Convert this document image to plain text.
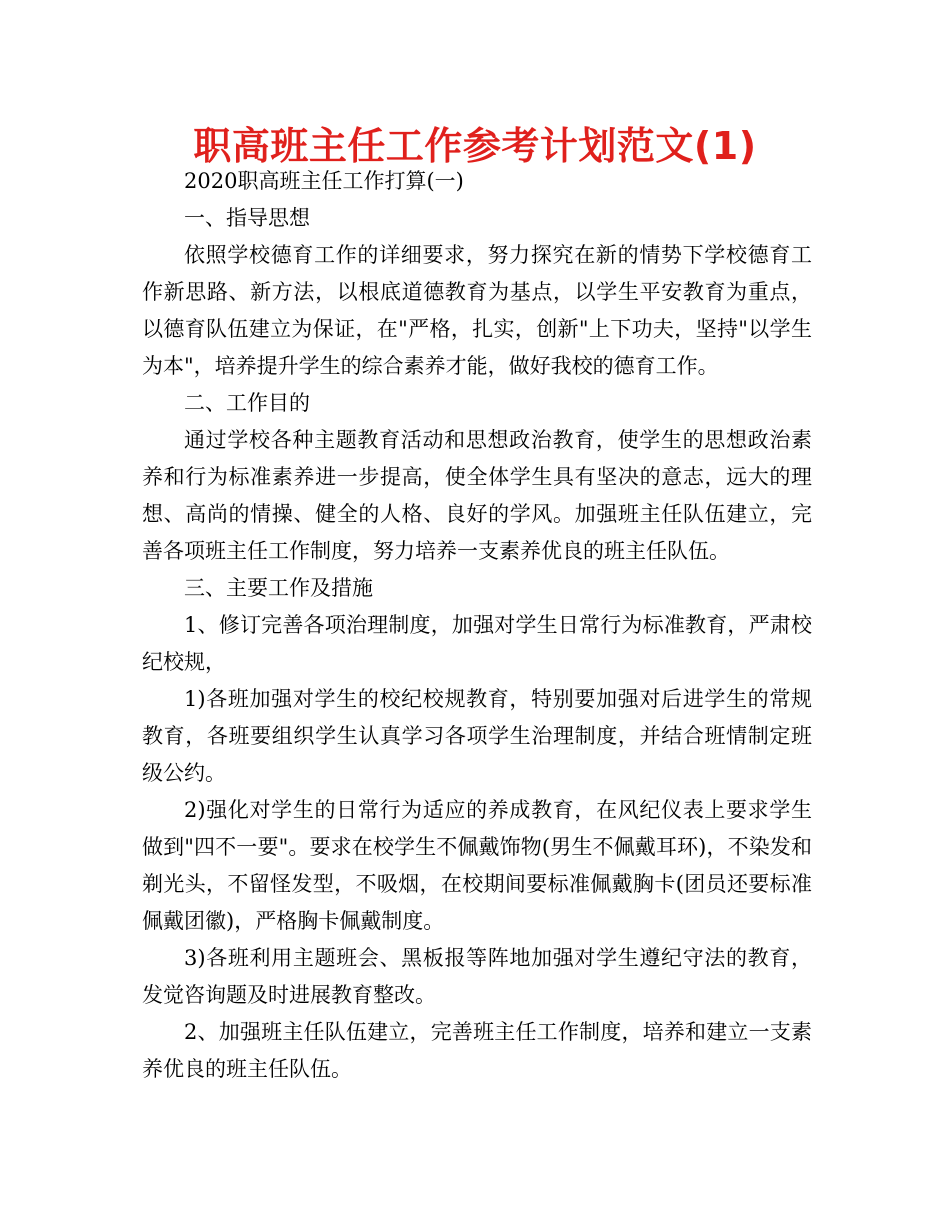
职高班主任工作参考计划范文(1)

2020职高班主任工作打算(一)

一、指导思想

依照学校德育工作的详细要求，努力探究在新的情势下学校德育工作新思路、新方法，以根底道德教育为基点，以学生平安教育为重点，以德育队伍建立为保证，在"严格，扎实，创新"上下功夫，坚持"以学生为本"，培养提升学生的综合素养才能，做好我校的德育工作。

二、工作目的

通过学校各种主题教育活动和思想政治教育，使学生的思想政治素养和行为标准素养进一步提高，使全体学生具有坚决的意志，远大的理想、高尚的情操、健全的人格、良好的学风。加强班主任队伍建立，完善各项班主任工作制度，努力培养一支素养优良的班主任队伍。

三、主要工作及措施

1、修订完善各项治理制度，加强对学生日常行为标准教育，严肃校纪校规，

1)各班加强对学生的校纪校规教育，特别要加强对后进学生的常规教育，各班要组织学生认真学习各项学生治理制度，并结合班情制定班级公约。

2)强化对学生的日常行为适应的养成教育，在风纪仪表上要求学生做到"四不一要"。要求在校学生不佩戴饰物(男生不佩戴耳环)，不染发和剃光头，不留怪发型，不吸烟，在校期间要标准佩戴胸卡(团员还要标准佩戴团徽)，严格胸卡佩戴制度。

3)各班利用主题班会、黑板报等阵地加强对学生遵纪守法的教育，发觉咨询题及时进展教育整改。

2、加强班主任队伍建立，完善班主任工作制度，培养和建立一支素养优良的班主任队伍。
